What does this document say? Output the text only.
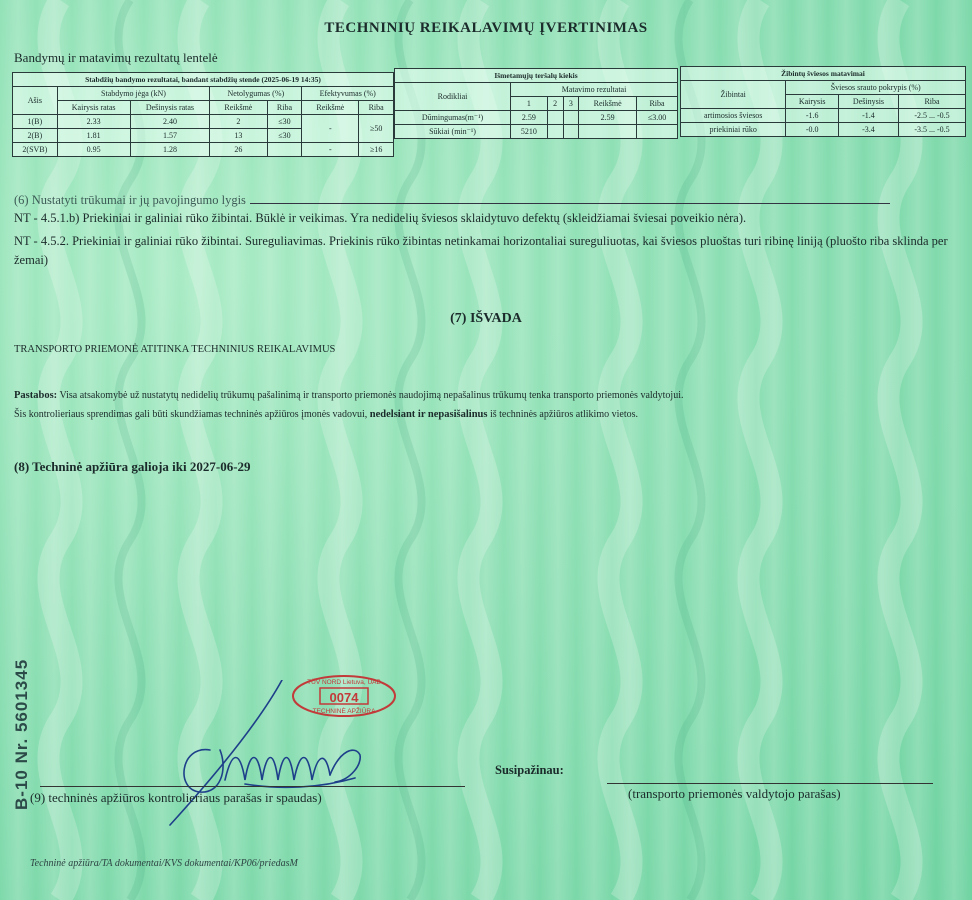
TECHNINIŲ REIKALAVIMŲ ĮVERTINIMAS
Bandymų ir matavimų rezultatų lentelė
Stabdžių bandymo rezultatai, bandant stabdžių stende (2025-06-19 14:35)						
Ašis	Stabdymo jėga (kN)		Netolygumas (%)		Efektyvumas (%)	
	Kairysis ratas	Dešinysis ratas	Reikšmė	Riba	Reikšmė	Riba
1(B)	2.33	2.40	2	≤30	-	≥50
2(B)	1.81	1.57	13	≤30		
2(SVB)	0.95	1.28	26		-	≥16
Išmetamųjų teršalų kiekis					
Rodikliai	Matavimo rezultatai				
	1	2	3	Reikšmė	Riba
Dūmingumas(m⁻¹)	2.59			2.59	≤3.00
Sūkiai (min⁻¹)	5210				
Žibintų šviesos matavimai			
Žibintai	Šviesos srauto pokrypis (%)		
	Kairysis	Dešinysis	Riba
artimosios šviesos	-1.6	-1.4	-2.5 ... -0.5
priekiniai rūko	-0.0	-3.4	-3.5 ... -0.5
(6) Nustatyti trūkumai ir jų pavojingumo lygis
NT - 4.5.1.b) Priekiniai ir galiniai rūko žibintai. Būklė ir veikimas. Yra nedidelių šviesos sklaidytuvo defektų (skleidžiamai šviesai poveikio nėra).
NT - 4.5.2. Priekiniai ir galiniai rūko žibintai. Sureguliavimas. Priekinis rūko žibintas netinkamai horizontaliai sureguliuotas, kai šviesos pluoštas turi ribinę liniją (pluošto riba sklinda per žemai)
(7) IŠVADA
TRANSPORTO PRIEMONĖ ATITINKA TECHNINIUS REIKALAVIMUS
Pastabos: Visa atsakomybė už nustatytų nedidelių trūkumų pašalinimą ir transporto priemonės naudojimą nepašalinus trūkumų tenka transporto priemonės valdytojui.
Šis kontrolieriaus sprendimas gali būti skundžiamas techninės apžiūros įmonės vadovui, nedelsiant ir nepasišalinus iš techninės apžiūros atlikimo vietos.
(8) Techninė apžiūra galioja iki 2027-06-29
B-10 Nr. 5601345	TÜV NORD Lietuva, UAB
0074
TECHNINĖ APŽIŪRA
(9) techninės apžiūros kontrolieriaus parašas ir spaudas)
Susipažinau:
(transporto priemonės valdytojo parašas)
Techninė apžiūra/TA dokumentai/KVS dokumentai/KP06/priedasM
